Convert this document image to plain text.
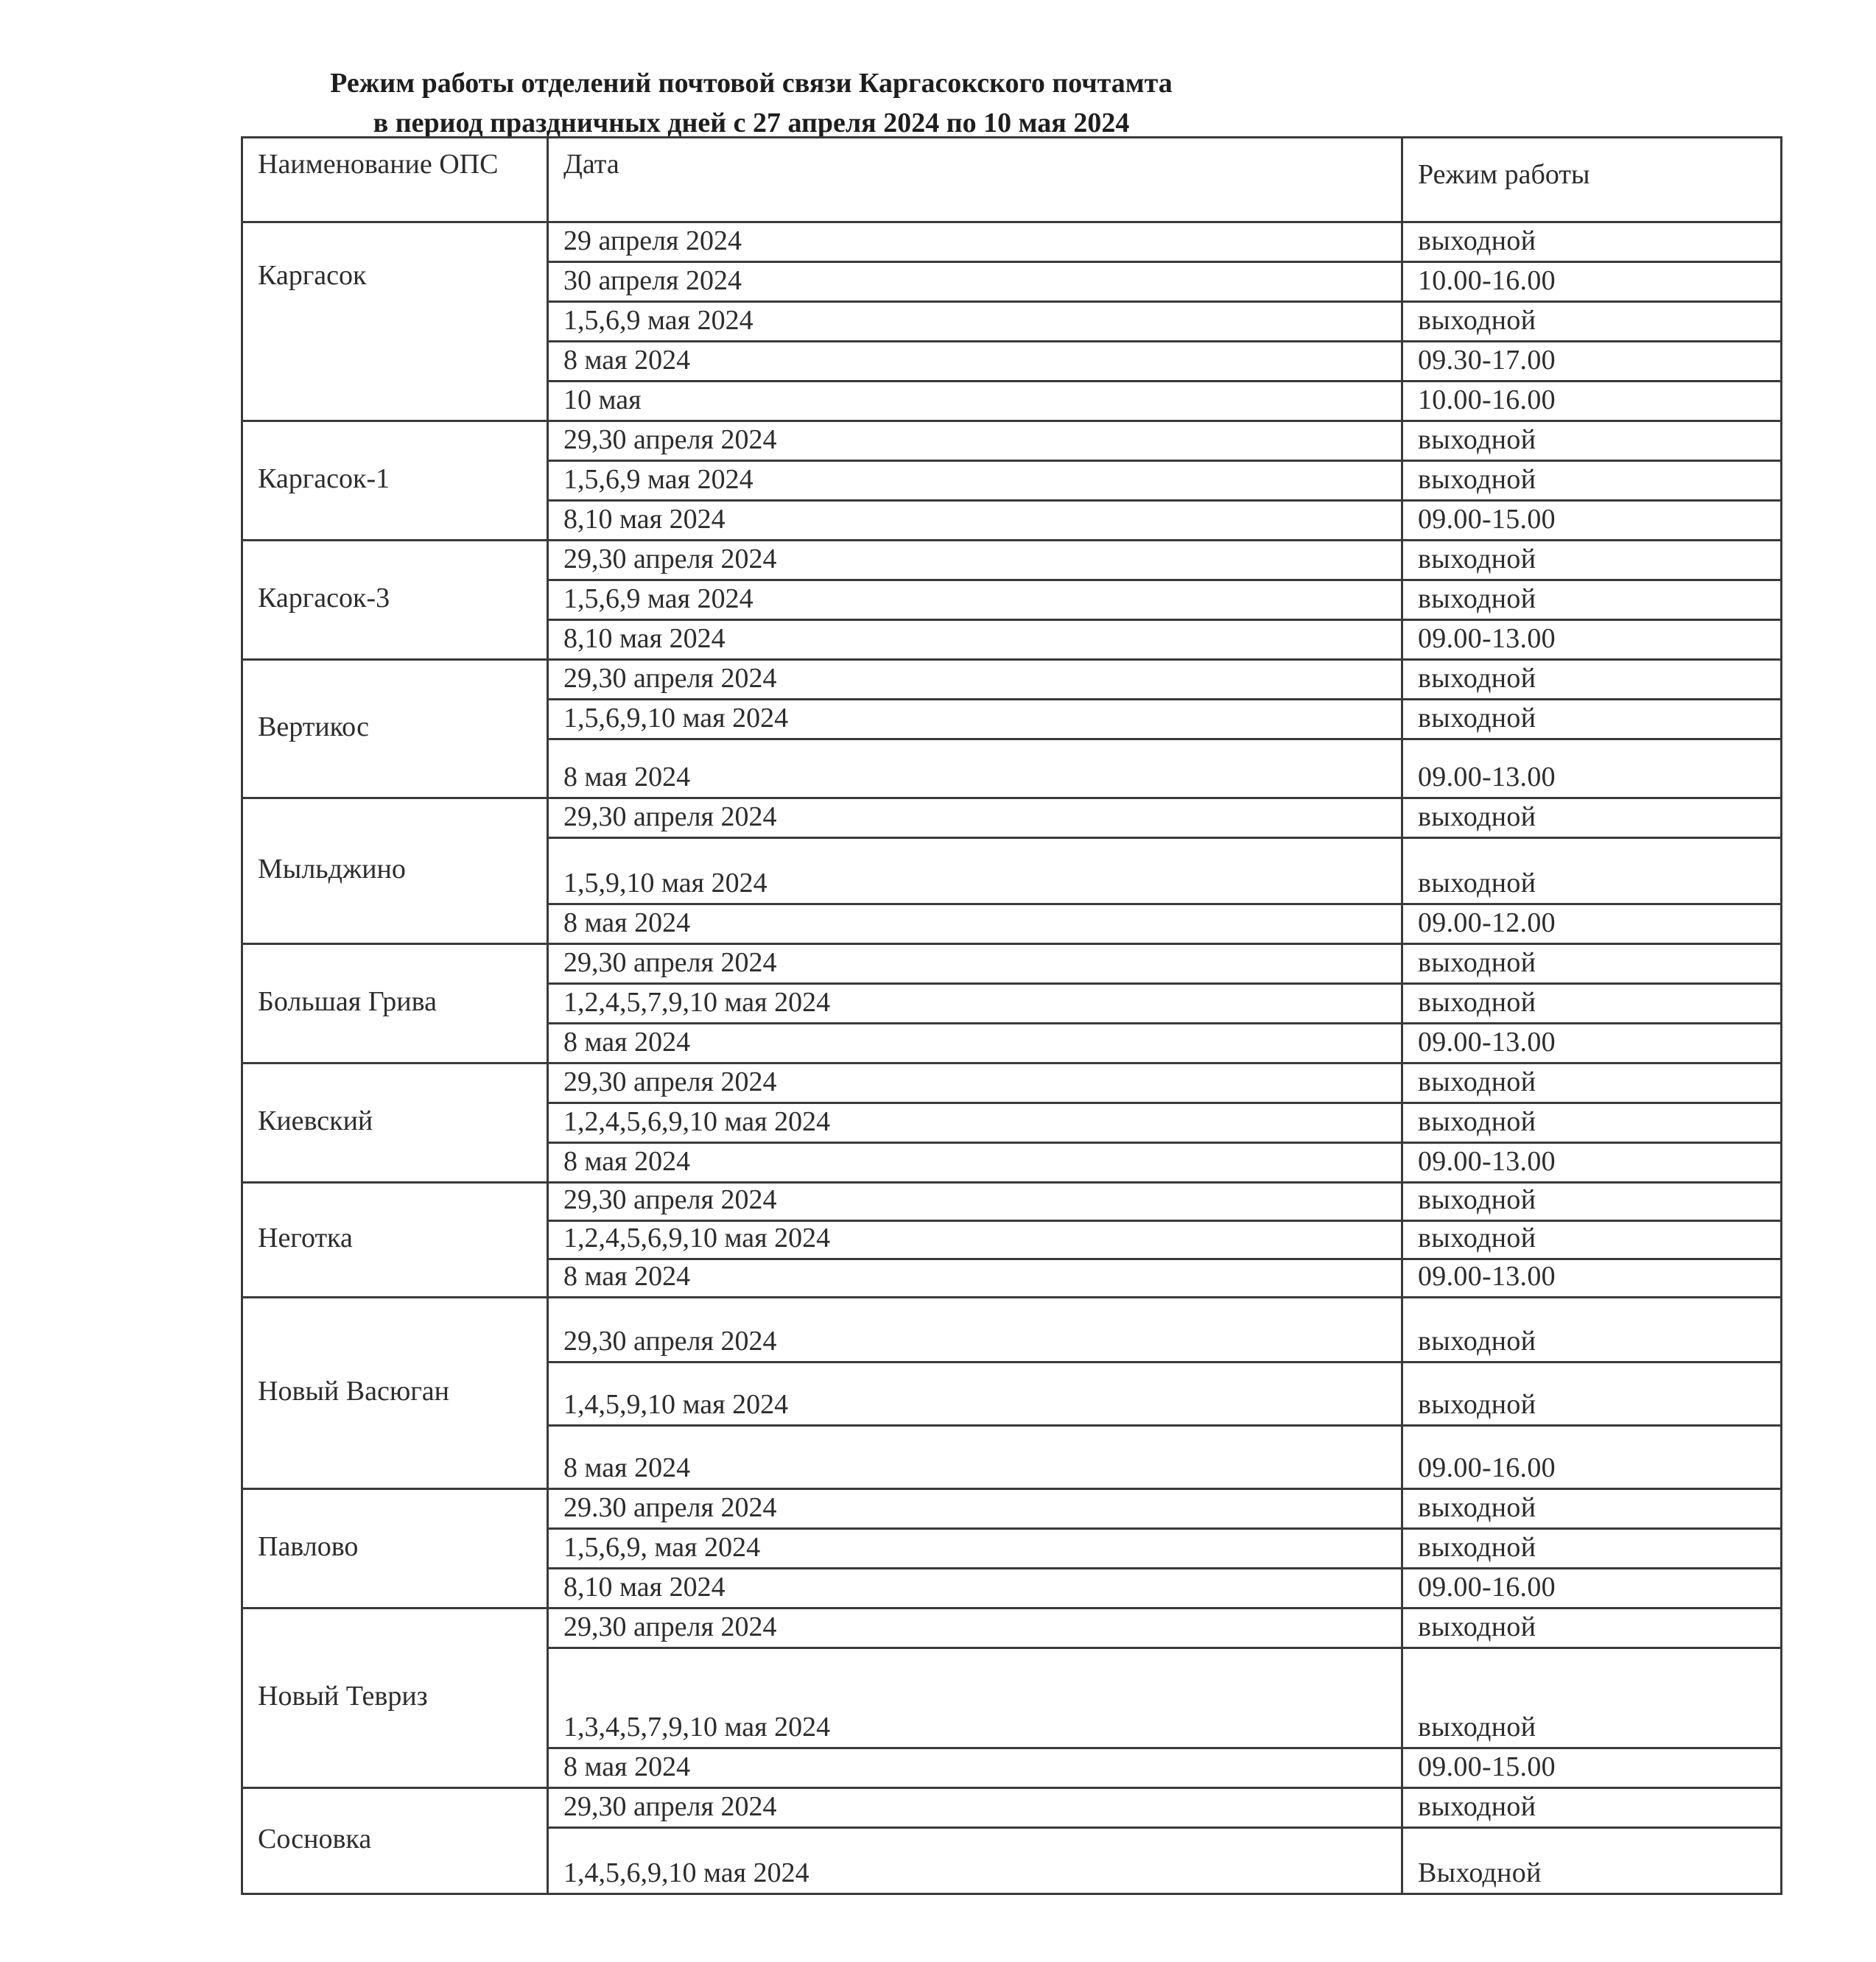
Режим работы отделений почтовой связи Каргасокского почтамта
в период праздничных дней с 27 апреля 2024 по 10 мая 2024
Наименование ОПС	Дата	Режим работы
Каргасок	29 апреля 2024	выходной
	30 апреля 2024	10.00-16.00
	1,5,6,9 мая 2024	выходной
	8 мая 2024	09.30-17.00
	10 мая	10.00-16.00
Каргасок-1	29,30 апреля 2024	выходной
	1,5,6,9 мая 2024	выходной
	8,10 мая 2024	09.00-15.00
Каргасок-3	29,30 апреля 2024	выходной
	1,5,6,9 мая 2024	выходной
	8,10 мая 2024	09.00-13.00
Вертикос	29,30 апреля 2024	выходной
	1,5,6,9,10 мая 2024	выходной
	8 мая 2024	09.00-13.00
Мыльджино	29,30 апреля 2024	выходной
	1,5,9,10 мая 2024	выходной
	8 мая 2024	09.00-12.00
Большая Грива	29,30 апреля 2024	выходной
	1,2,4,5,7,9,10 мая 2024	выходной
	8 мая 2024	09.00-13.00
Киевский	29,30 апреля 2024	выходной
	1,2,4,5,6,9,10 мая 2024	выходной
	8 мая 2024	09.00-13.00
Неготка	29,30 апреля 2024	выходной
	1,2,4,5,6,9,10 мая 2024	выходной
	8 мая 2024	09.00-13.00
Новый Васюган	29,30 апреля 2024	выходной
	1,4,5,9,10 мая 2024	выходной
	8 мая 2024	09.00-16.00
Павлово	29.30 апреля 2024	выходной
	1,5,6,9, мая 2024	выходной
	8,10 мая 2024	09.00-16.00
Новый Тевриз	29,30 апреля 2024	выходной
	1,3,4,5,7,9,10 мая 2024	выходной
	8 мая 2024	09.00-15.00
Сосновка	29,30 апреля 2024	выходной
	1,4,5,6,9,10 мая 2024	Выходной
